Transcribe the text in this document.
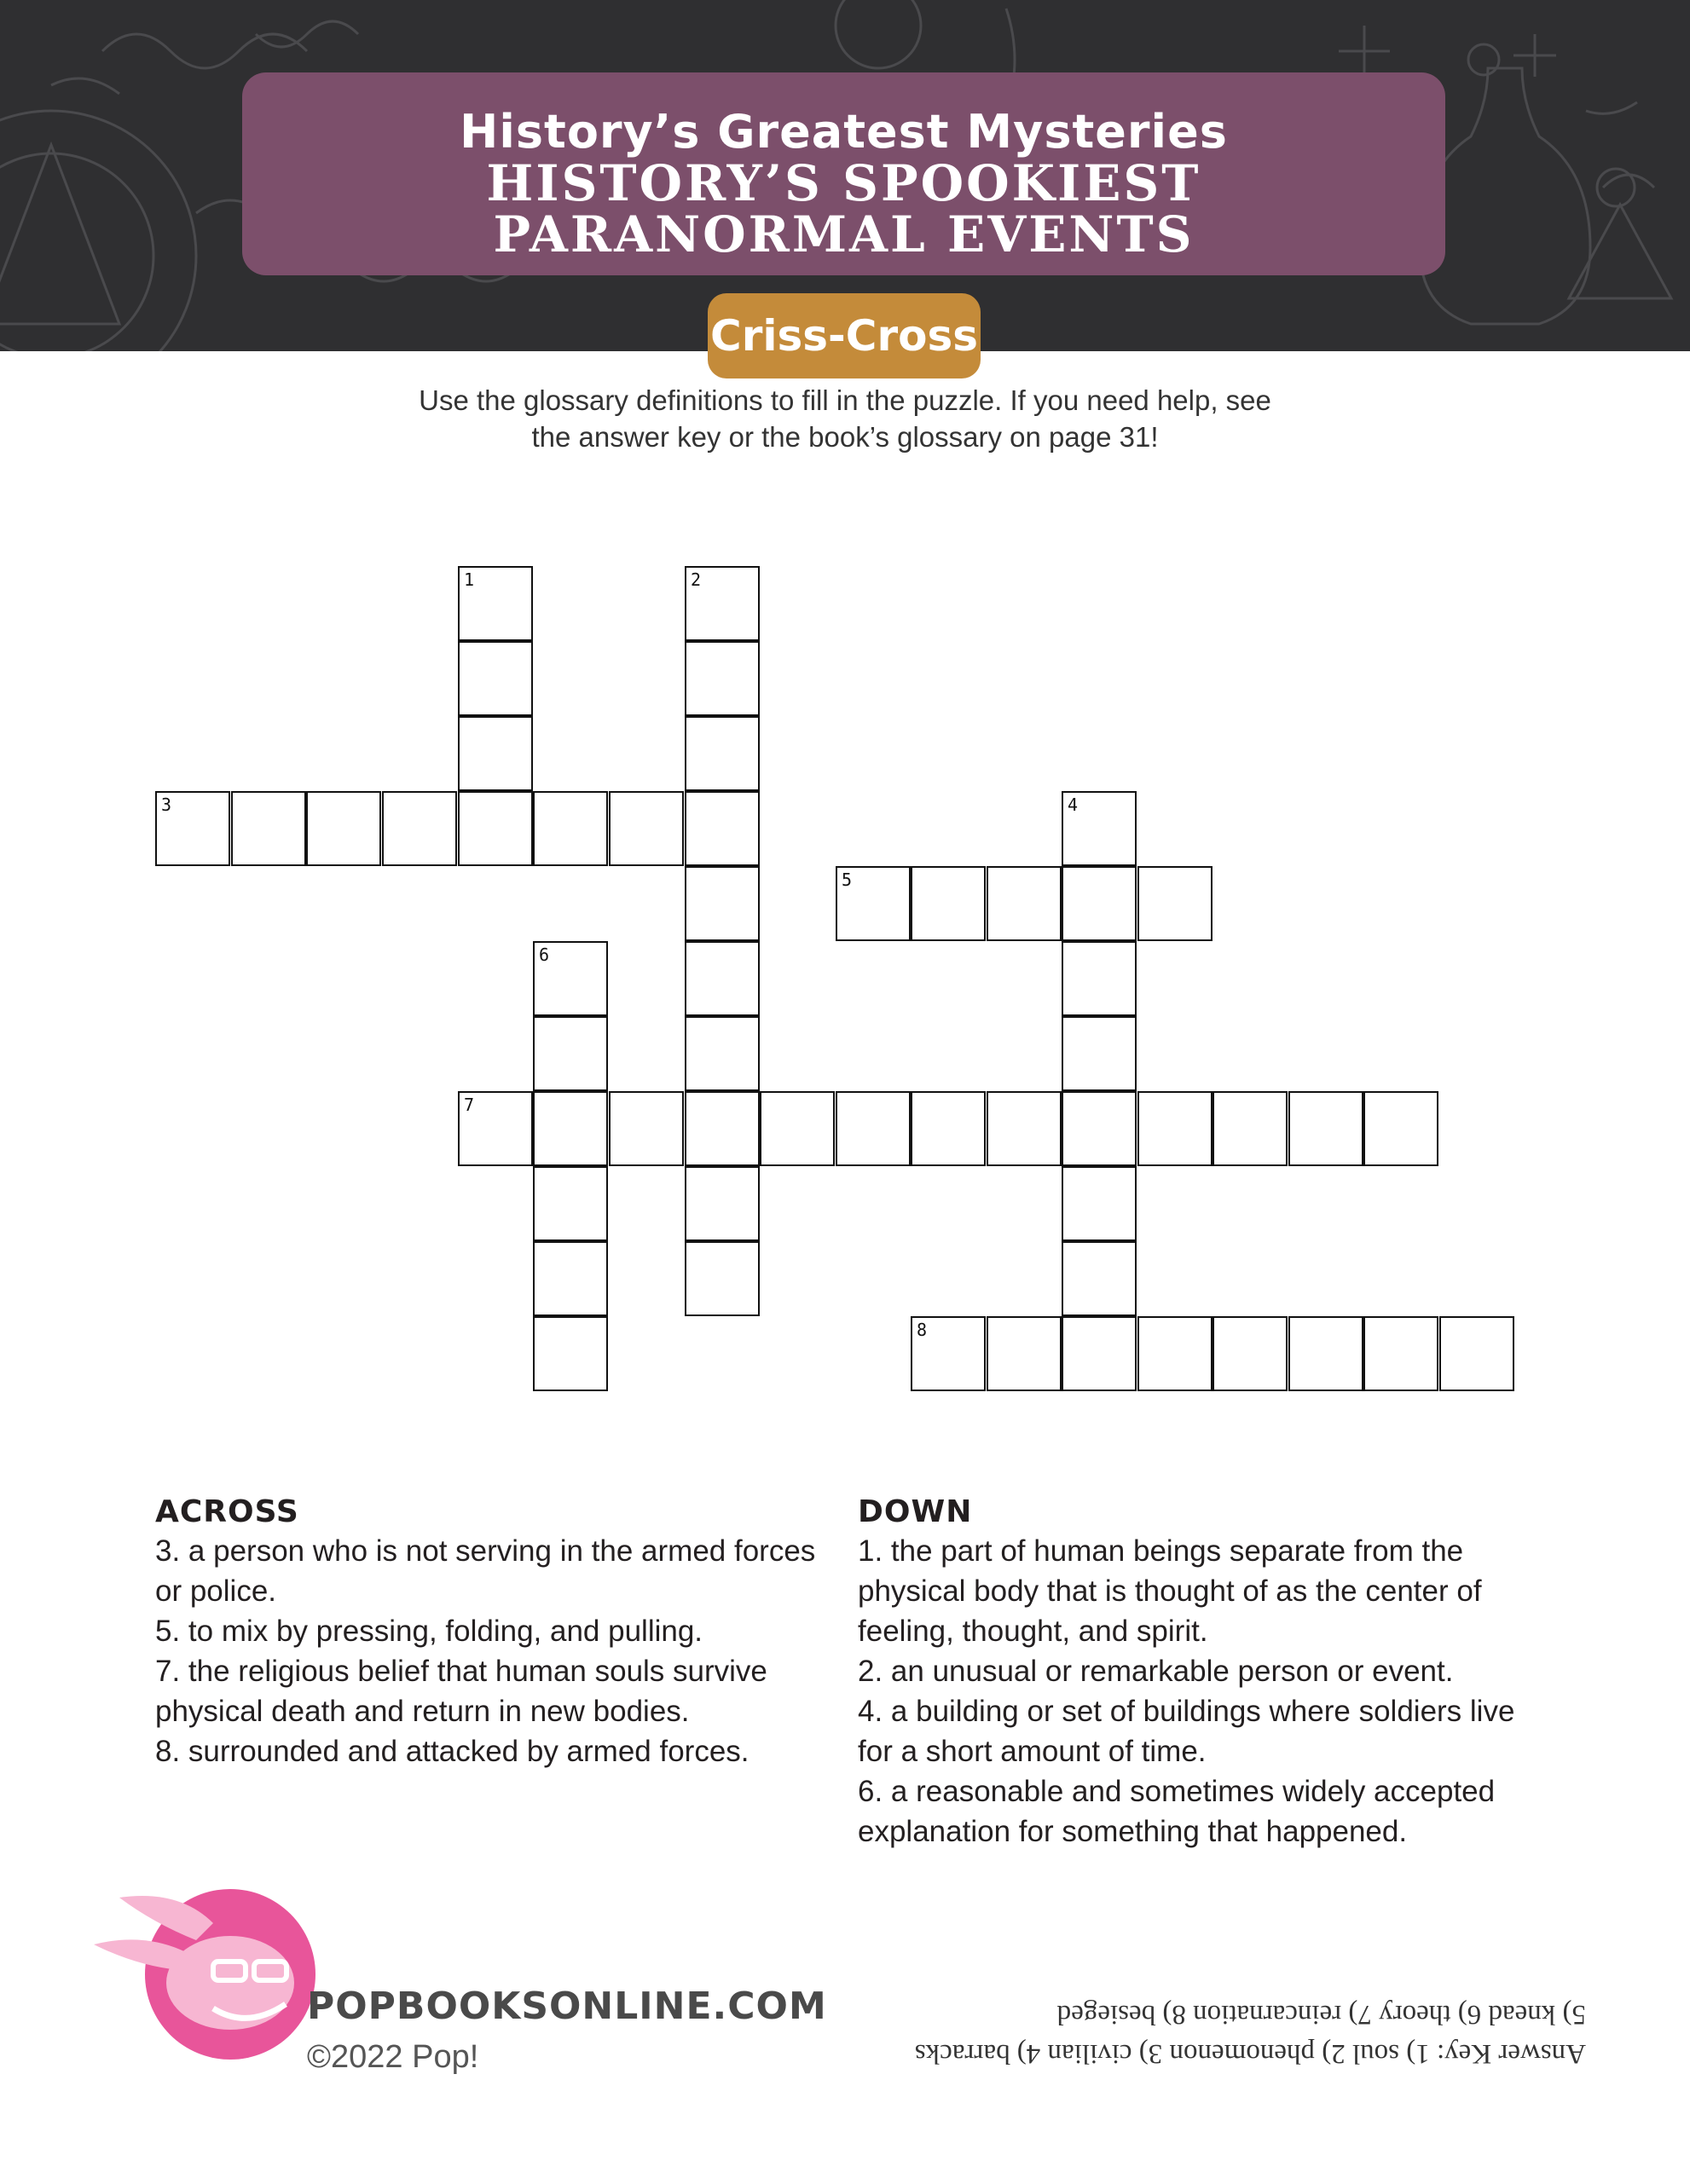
History’s Greatest Mysteries
HISTORY’S SPOOKIEST
PARANORMAL EVENTS
Criss-Cross
Use the glossary definitions to fill in the puzzle. If you need help, see
the answer key or the book’s glossary on page 31!
1	2
3	4
5
6
7
8
ACROSS

3. a person who is not serving in the armed forces or police.

5. to mix by pressing, folding, and pulling.

7. the religious belief that human souls survive physical death and return in new bodies.

8. surrounded and attacked by armed forces.

DOWN

1. the part of human beings separate from the physical body that is thought of as the center of feeling, thought, and spirit.

2. an unusual or remarkable person or event.

4. a building or set of buildings where soldiers live for a short amount of time.

6. a reasonable and sometimes widely accepted explanation for something that happened.

POPBOOKSONLINE.COM
©2022 Pop!	Answer Key: 1) soul 2) phenomenon 3) civilian 4) barracks
5) knead 6) theory 7) reincarnation 8) besieged
